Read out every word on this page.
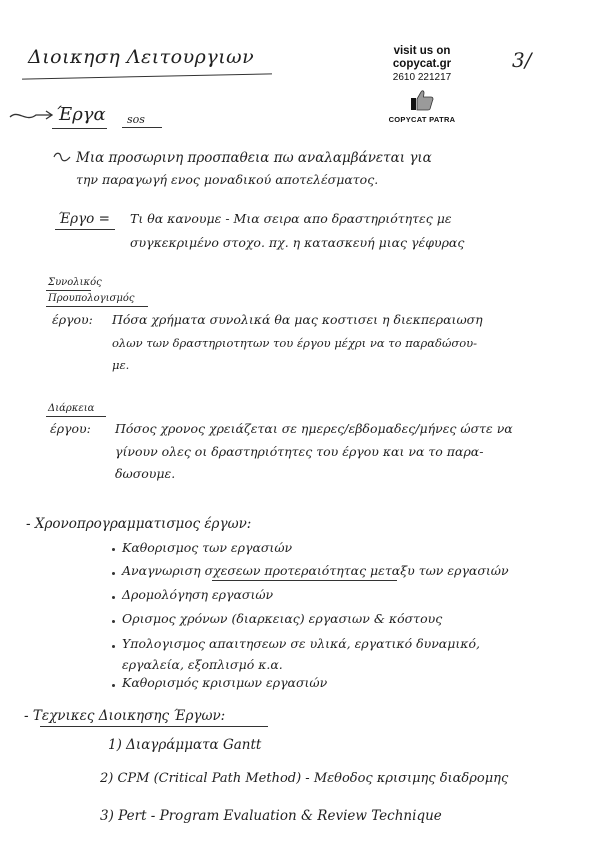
Διοικηση Λειτουργιων	3/
visit us on
copycat.gr
2610 221217
COPYCAT PATRA
Έργα sos
Μια προσωρινη προσπαθεια πω αναλαμβάνεται για
την παραγωγή ενος μοναδικού αποτελέσματος.
Έργο = Τι θα κανουμε - Μια σειρα απο δραστηριότητες με
συγκεκριμένο στοχο. πχ. η κατασκευή μιας γέφυρας
Συνολικός
Προυπολογισμός
έργου: Πόσα χρήματα συνολικά θα μας κοστισει η διεκπεραιωση
ολων των δραστηριοτητων του έργου μέχρι να το παραδώσου-
με.
Διάρκεια
έργου: Πόσος χρονος χρειάζεται σε ημερες/εβδομαδες/μήνες ώστε να
γίνουν ολες οι δραστηριότητες του έργου και να το παρα-
δωσουμε.
- Χρονοπρογραμματισμος έργων:
Καθορισμος των εργασιών
Αναγνωριση σχεσεων προτεραιότητας μεταξυ των εργασιών
Δρομολόγηση εργασιών
Ορισμος χρόνων (διαρκειας) εργασιων & κόστους
Υπολογισμος απαιτησεων σε υλικά, εργατικό δυναμικό,
εργαλεία, εξοπλισμό κ.α.
Καθορισμός κρισιμων εργασιών
- Τεχνικες Διοικησης Έργων:
1) Διαγράμματα Gantt
2) CPM (Critical Path Method) - Μεθοδος κρισιμης διαδρομης
3) Pert - Program Evaluation & Review Technique
